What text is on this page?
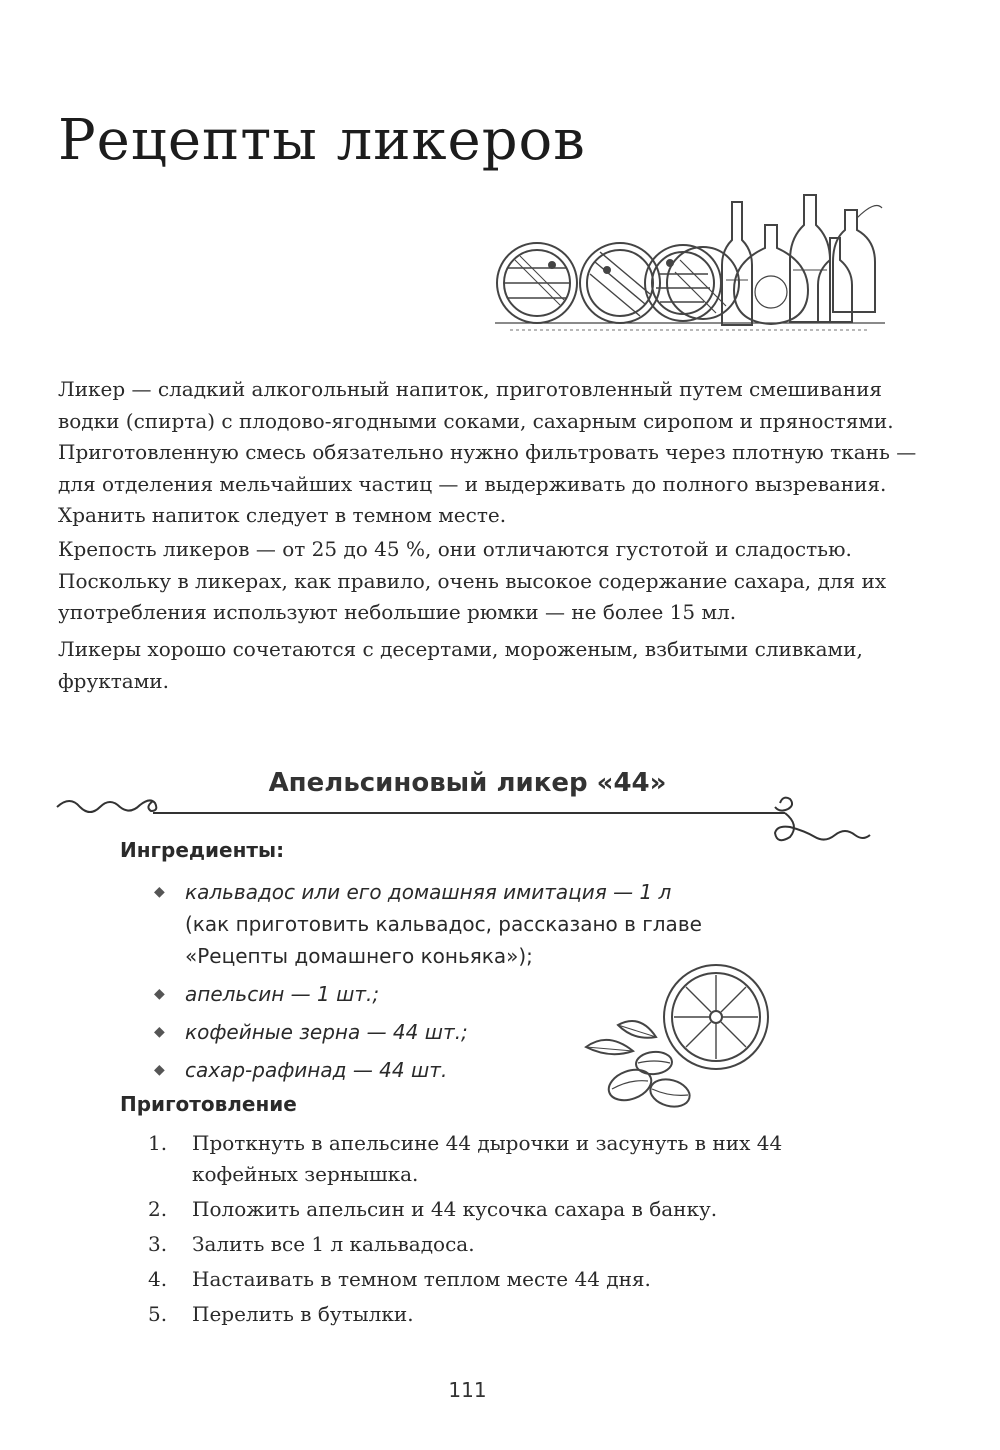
Рецепты ликеров

Ликер — сладкий алкогольный напиток, приготовленный путем смешивания водки (спирта) с плодово-ягодными соками, сахарным сиропом и пряностями. Приготовленную смесь обязательно нужно фильтровать через плотную ткань — для отделения мельчайших частиц — и выдерживать до полного вызревания. Хранить напиток следует в темном месте.

Крепость ликеров — от 25 до 45 %, они отличаются густотой и сладостью. Поскольку в ликерах, как правило, очень высокое содержание сахара, для их употребления используют небольшие рюмки — не более 15 мл.

Ликеры хорошо сочетаются с десертами, мороженым, взбитыми сливками, фруктами.

Апельсиновый ликер «44»
Ингредиенты:
◆ кальвадос или его домашняя имитация — 1 л
(как приготовить кальвадос, рассказано в главе «Рецепты домашнего коньяка»);
◆ апельсин — 1 шт.;
◆ кофейные зерна — 44 шт.;
◆ сахар-рафинад — 44 шт.
Приготовление
1. Проткнуть в апельсине 44 дырочки и засунуть в них 44 кофейных зернышка.
2. Положить апельсин и 44 кусочка сахара в банку.
3. Залить все 1 л кальвадоса.
4. Настаивать в темном теплом месте 44 дня.
5. Перелить в бутылки.
111
